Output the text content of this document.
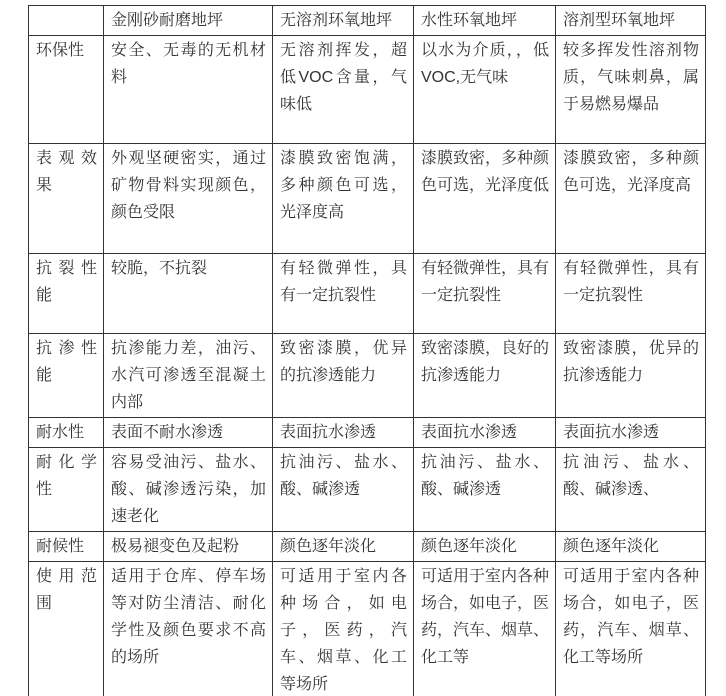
	金刚砂耐磨地坪	无溶剂环氧地坪	水性环氧地坪	溶剂型环氧地坪
环保性	安全、无毒的无机材料	无溶剂挥发，超低VOC含量，气味低	以水为介质，，低VOC,无气味	较多挥发性溶剂物质，气味刺鼻，属于易燃易爆品
表观效果	外观坚硬密实，通过矿物骨料实现颜色，颜色受限	漆膜致密饱满，多种颜色可选，光泽度高	漆膜致密，多种颜色可选，光泽度低	漆膜致密，多种颜色可选，光泽度高
抗裂性能	较脆，不抗裂	有轻微弹性，具有一定抗裂性	有轻微弹性，具有一定抗裂性	有轻微弹性，具有一定抗裂性
抗渗性能	抗渗能力差，油污、水汽可渗透至混凝土内部	致密漆膜，优异的抗渗透能力	致密漆膜，良好的抗渗透能力	致密漆膜，优异的抗渗透能力
耐水性	表面不耐水渗透	表面抗水渗透	表面抗水渗透	表面抗水渗透
耐化学性	容易受油污、盐水、酸、碱渗透污染，加速老化	抗油污、盐水、酸、碱渗透	抗油污、盐水、酸、碱渗透	抗油污、盐水、酸、碱渗透、
耐候性	极易褪变色及起粉	颜色逐年淡化	颜色逐年淡化	颜色逐年淡化
使用范围	适用于仓库、停车场等对防尘清洁、耐化学性及颜色要求不高的场所	可适用于室内各种场合，如电子，医药，汽车、烟草、化工等场所	可适用于室内各种场合，如电子，医药，汽车、烟草、化工等	可适用于室内各种场合，如电子，医药，汽车、烟草、化工等场所
